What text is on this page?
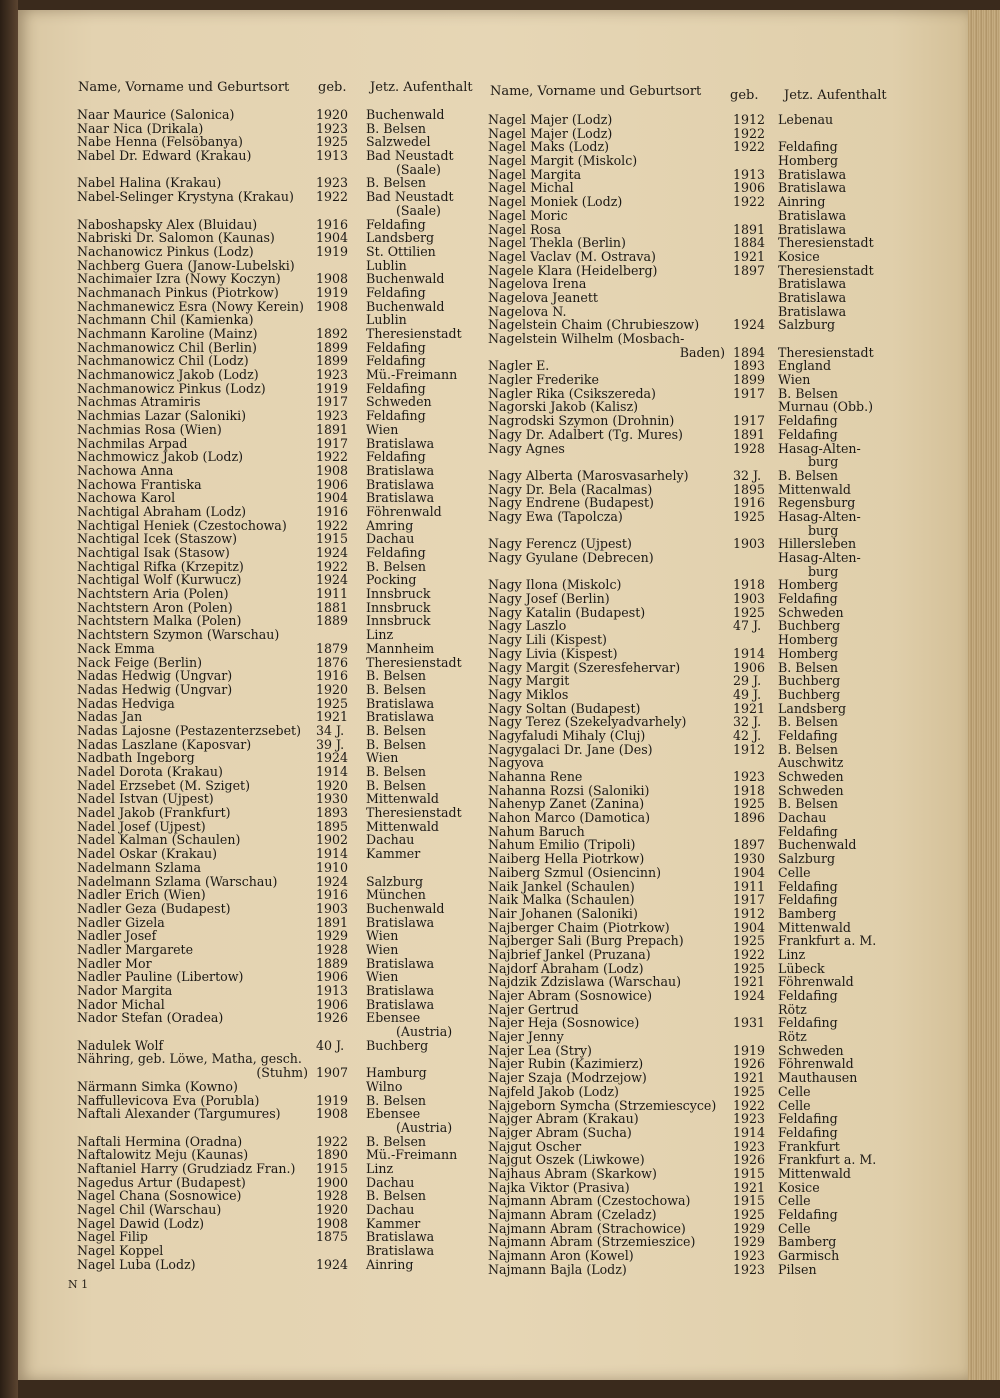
Name, Vorname und Geburtsort geb. Jetz. Aufenthalt Name, Vorname und Geburtsort geb. Jetz. Aufenthalt
Naar Maurice (Salonica)	1920 Buchenwald
Naar Nica (Drikala)	1923 B. Belsen
Nabe Henna (Felsöbanya)	1925 Salzwedel
Nabel Dr. Edward (Krakau)	1913 Bad Neustadt
(Saale)
Nabel Halina (Krakau)	1923 B. Belsen
Nabel-Selinger Krystyna (Krakau) 1922 Bad Neustadt
(Saale)
Naboshapsky Alex (Bluidau)	1916 Feldafing
Nabriski Dr. Salomon (Kaunas)	1904 Landsberg
Nachanowicz Pinkus (Lodz)	1919 St. Ottilien
Nachberg Guera (Janow-Lubelski)	Lublin
Nachimaier Izra (Nowy Koczyn)	1908 Buchenwald
Nachmanach Pinkus (Piotrkow)	1919 Feldafing
Nachmanewicz Esra (Nowy Kerein) 1908 Buchenwald
Nachmann Chil (Kamienka)	Lublin
Nachmann Karoline (Mainz)	1892 Theresienstadt
Nachmanowicz Chil (Berlin)	1899 Feldafing
Nachmanowicz Chil (Lodz)	1899 Feldafing
Nachmanowicz Jakob (Lodz)	1923 Mü.-Freimann
Nachmanowicz Pinkus (Lodz)	1919 Feldafing
Nachmas Atramiris	1917 Schweden
Nachmias Lazar (Saloniki)	1923 Feldafing
Nachmias Rosa (Wien)	1891 Wien
Nachmilas Arpad	1917 Bratislawa
Nachmowicz Jakob (Lodz)	1922 Feldafing
Nachowa Anna	1908 Bratislawa
Nachowa Frantiska	1906 Bratislawa
Nachowa Karol	1904 Bratislawa
Nachtigal Abraham (Lodz)	1916 Föhrenwald
Nachtigal Heniek (Czestochowa) 1922 Amring
Nachtigal Icek (Staszow)	1915 Dachau
Nachtigal Isak (Stasow)	1924 Feldafing
Nachtigal Rifka (Krzepitz)	1922 B. Belsen
Nachtigal Wolf (Kurwucz)	1924 Pocking
Nachtstern Aria (Polen)	1911 Innsbruck
Nachtstern Aron (Polen)	1881 Innsbruck
Nachtstern Malka (Polen)	1889 Innsbruck
Nachtstern Szymon (Warschau)	Linz
Nack Emma	1879 Mannheim
Nack Feige (Berlin)	1876 Theresienstadt
Nadas Hedwig (Ungvar)	1916 B. Belsen
Nadas Hedwig (Ungvar)	1920 B. Belsen
Nadas Hedviga	1925 Bratislawa
Nadas Jan	1921 Bratislawa
Nadas Lajosne (Pestazenterzsebet) 34 J. B. Belsen
Nadas Laszlane (Kaposvar)	39 J. B. Belsen
Nadbath Ingeborg	1924 Wien
Nadel Dorota (Krakau)	1914 B. Belsen
Nadel Erzsebet (M. Sziget)	1920 B. Belsen
Nadel Istvan (Ujpest)	1930 Mittenwald
Nadel Jakob (Frankfurt)	1893 Theresienstadt
Nadel Josef (Ujpest)	1895 Mittenwald
Nadel Kalman (Schaulen)	1902 Dachau
Nadel Oskar (Krakau)	1914 Kammer
Nadelmann Szlama	1910
Nadelmann Szlama (Warschau)	1924 Salzburg
Nadler Erich (Wien)	1916 München
Nadler Geza (Budapest)	1903 Buchenwald
Nadler Gizela	1891 Bratislawa
Nadler Josef	1929 Wien
Nadler Margarete	1928 Wien
Nadler Mor	1889 Bratislawa
Nadler Pauline (Libertow)	1906 Wien
Nador Margita	1913 Bratislawa
Nador Michal	1906 Bratislawa
Nador Stefan (Oradea)	1926 Ebensee
(Austria)
Nadulek Wolf	40 J. Buchberg
Nähring, geb. Löwe, Matha, gesch.
(Stuhm) 1907 Hamburg
Närmann Simka (Kowno)	Wilno
Naffullevicova Eva (Porubla)	1919 B. Belsen
Naftali Alexander (Targumures)	1908 Ebensee
(Austria)
Naftali Hermina (Oradna)	1922 B. Belsen
Naftalowitz Meju (Kaunas)	1890 Mü.-Freimann
Naftaniel Harry (Grudziadz Fran.) 1915 Linz
Nagedus Artur (Budapest)	1900 Dachau
Nagel Chana (Sosnowice)	1928 B. Belsen
Nagel Chil (Warschau)	1920 Dachau
Nagel Dawid (Lodz)	1908 Kammer
Nagel Filip	1875 Bratislawa
Nagel Koppel	Bratislawa
Nagel Luba (Lodz)	1924 Ainring
Nagel Majer (Lodz)	1912 Lebenau
Nagel Majer (Lodz)	1922
Nagel Maks (Lodz)	1922 Feldafing
Nagel Margit (Miskolc)	Homberg
Nagel Margita	1913 Bratislawa
Nagel Michal	1906 Bratislawa
Nagel Moniek (Lodz)	1922 Ainring
Nagel Moric	Bratislawa
Nagel Rosa	1891 Bratislawa
Nagel Thekla (Berlin)	1884 Theresienstadt
Nagel Vaclav (M. Ostrava)	1921 Kosice
Nagele Klara (Heidelberg)	1897 Theresienstadt
Nagelova Irena	Bratislawa
Nagelova Jeanett	Bratislawa
Nagelova N.	Bratislawa
Nagelstein Chaim (Chrubieszow)	1924 Salzburg
Nagelstein Wilhelm (Mosbach-
Baden) 1894 Theresienstadt
Nagler E.	1893 England
Nagler Frederike	1899 Wien
Nagler Rika (Csikszereda)	1917 B. Belsen
Nagorski Jakob (Kalisz)	Murnau (Obb.)
Nagrodski Szymon (Drohnin)	1917 Feldafing
Nagy Dr. Adalbert (Tg. Mures)	1891 Feldafing
Nagy Agnes	1928 Hasag-Alten-
burg
Nagy Alberta (Marosvasarhely)	32 J. B. Belsen
Nagy Dr. Bela (Racalmas)	1895 Mittenwald
Nagy Endrene (Budapest)	1916 Regensburg
Nagy Ewa (Tapolcza)	1925 Hasag-Alten-
burg
Nagy Ferencz (Ujpest)	1903 Hillersleben
Nagy Gyulane (Debrecen)	Hasag-Alten-
burg
Nagy Ilona (Miskolc)	1918 Homberg
Nagy Josef (Berlin)	1903 Feldafing
Nagy Katalin (Budapest)	1925 Schweden
Nagy Laszlo	47 J. Buchberg
Nagy Lili (Kispest)	Homberg
Nagy Livia (Kispest)	1914 Homberg
Nagy Margit (Szeresfehervar)	1906 B. Belsen
Nagy Margit	29 J. Buchberg
Nagy Miklos	49 J. Buchberg
Nagy Soltan (Budapest)	1921 Landsberg
Nagy Terez (Szekelyadvarhely)	32 J. B. Belsen
Nagyfaludi Mihaly (Cluj)	42 J. Feldafing
Nagygalaci Dr. Jane (Des)	1912 B. Belsen
Nagyova	Auschwitz
Nahanna Rene	1923 Schweden
Nahanna Rozsi (Saloniki)	1918 Schweden
Nahenyp Zanet (Zanina)	1925 B. Belsen
Nahon Marco (Damotica)	1896 Dachau
Nahum Baruch	Feldafing
Nahum Emilio (Tripoli)	1897 Buchenwald
Naiberg Hella Piotrkow)	1930 Salzburg
Naiberg Szmul (Osiencinn)	1904 Celle
Naik Jankel (Schaulen)	1911 Feldafing
Naik Malka (Schaulen)	1917 Feldafing
Nair Johanen (Saloniki)	1912 Bamberg
Najberger Chaim (Piotrkow)	1904 Mittenwald
Najberger Sali (Burg Prepach)	1925 Frankfurt a. M.
Najbrief Jankel (Pruzana)	1922 Linz
Najdorf Abraham (Lodz)	1925 Lübeck
Najdzik Zdzislawa (Warschau)	1921 Föhrenwald
Najer Abram (Sosnowice)	1924 Feldafing
Najer Gertrud	Rötz
Najer Heja (Sosnowice)	1931 Feldafing
Najer Jenny	Rötz
Najer Lea (Stry)	1919 Schweden
Najer Rubin (Kazimierz)	1926 Föhrenwald
Najer Szaja (Modrzejow)	1921 Mauthausen
Najfeld Jakob (Lodz)	1925 Celle
Najgeborn Symcha (Strzemiescyce) 1922 Celle
Najger Abram (Krakau)	1923 Feldafing
Najger Abram (Sucha)	1914 Feldafing
Najgut Oscher	1923 Frankfurt
Najgut Oszek (Liwkowe)	1926 Frankfurt a. M.
Najhaus Abram (Skarkow)	1915 Mittenwald
Najka Viktor (Prasiva)	1921 Kosice
Najmann Abram (Czestochowa)	1915 Celle
Najmann Abram (Czeladz)	1925 Feldafing
Najmann Abram (Strachowice)	1929 Celle
Najmann Abram (Strzemieszice)	1929 Bamberg
Najmann Aron (Kowel)	1923 Garmisch
Najmann Bajla (Lodz)	1923 Pilsen
N 1
